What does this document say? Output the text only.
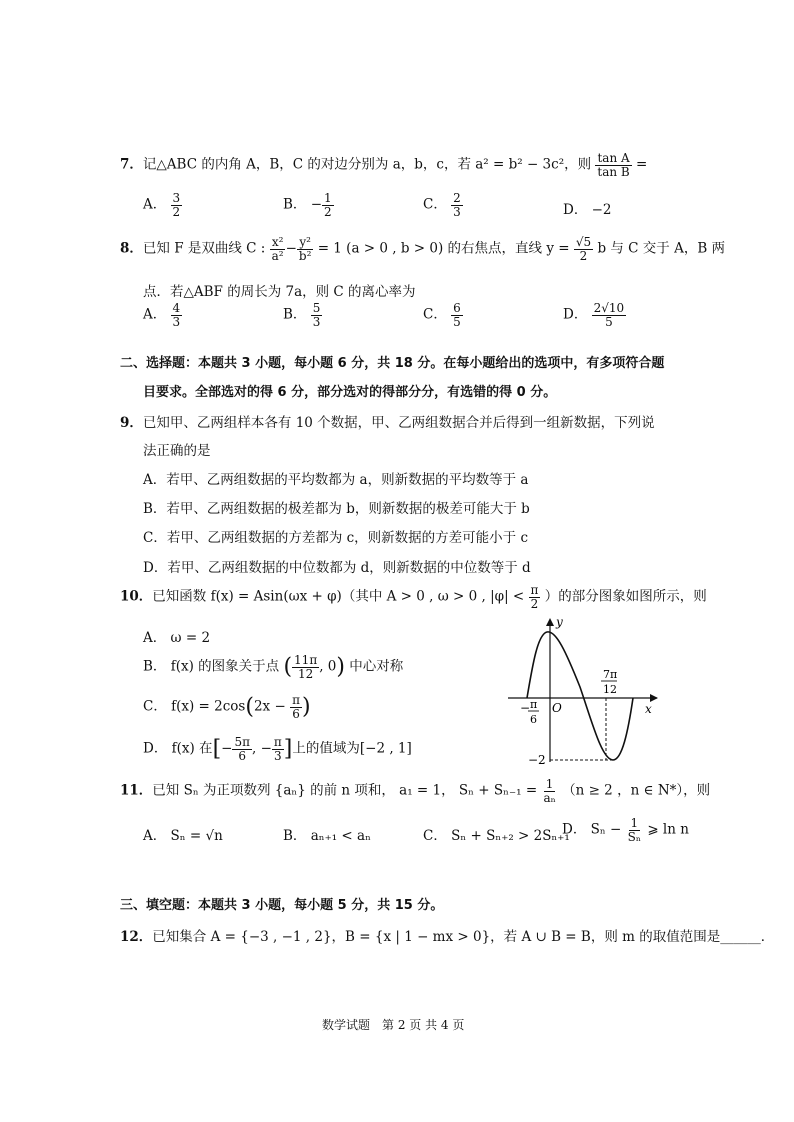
7．记△ABC 的内角 A，B，C 的对边分别为 a，b，c，若 a² = b² − 3c²，则 $\frac{\text{tan A}}{\text{tan B}}$ =
A． $\frac{3}{2}$	B． − $\frac{1}{2}$	C． $\frac{2}{3}$	D． −2
8．已知 F 是双曲线 C : $\frac{\text{x²}}{\text{a²}} - \frac{\text{y²}}{\text{b²}} = 1$ (a > 0 , b > 0) 的右焦点，直线 $y = \frac{√5}{2}$ b 与 C 交于 A，B 两
点．若△ABF 的周长为 7a，则 C 的离心率为
A． $\frac{4}{3}$	B． $\frac{5}{3}$	C． $\frac{6}{5}$	D． $\frac{2√10}{5}$
二、选择题：本题共 3 小题，每小题 6 分，共 18 分。在每小题给出的选项中，有多项符合题
目要求。全部选对的得 6 分，部分选对的得部分分，有选错的得 0 分。
9．已知甲、乙两组样本各有 10 个数据，甲、乙两组数据合并后得到一组新数据，下列说
法正确的是
A．若甲、乙两组数据的平均数都为 a，则新数据的平均数等于 a
B．若甲、乙两组数据的极差都为 b，则新数据的极差可能大于 b
C．若甲、乙两组数据的方差都为 c，则新数据的方差可能小于 c
D．若甲、乙两组数据的中位数都为 d，则新数据的中位数等于 d
10．已知函数 f(x) = Asin(ωx + φ)（其中 A > 0 , ω > 0 , $|\varphi| < \frac{\pi}{2}$ ）的部分图象如图所示，则
A． ω = 2
B． f(x) 的图象关于点 ( $\frac{11\pi}{12}$ , 0) 中心对称
C． $f(x) = 2\cos(2x - \frac{\pi}{6}$ )
D． f(x) 在[− $\frac{5\pi}{6}$ , − $\frac{\pi}{3}$ ]上的值域为[−2 , 1]
y
x
O
− π
6
7π
12
−2
11．已知 Sₙ 为正项数列 {aₙ} 的前 n 项和， a₁ = 1， $S_n + S_{n-1} = \frac{1}{\text{aₙ}} (n \ge 2$ ，n ∈ N*），则
A． Sₙ = √n	B． aₙ₊₁ < aₙ	C． Sₙ + Sₙ₊₂ > 2Sₙ₊₁
D． $S_n - \frac{1}{\text{Sₙ}}$ ⩾ ln n
三、填空题：本题共 3 小题，每小题 5 分，共 15 分。
12．已知集合 A = {−3 , −1 , 2}，B = {x | 1 − mx > 0}，若 A ∪ B = B，则 m 的取值范围是______．
数学试题　第 2 页 共 4 页
